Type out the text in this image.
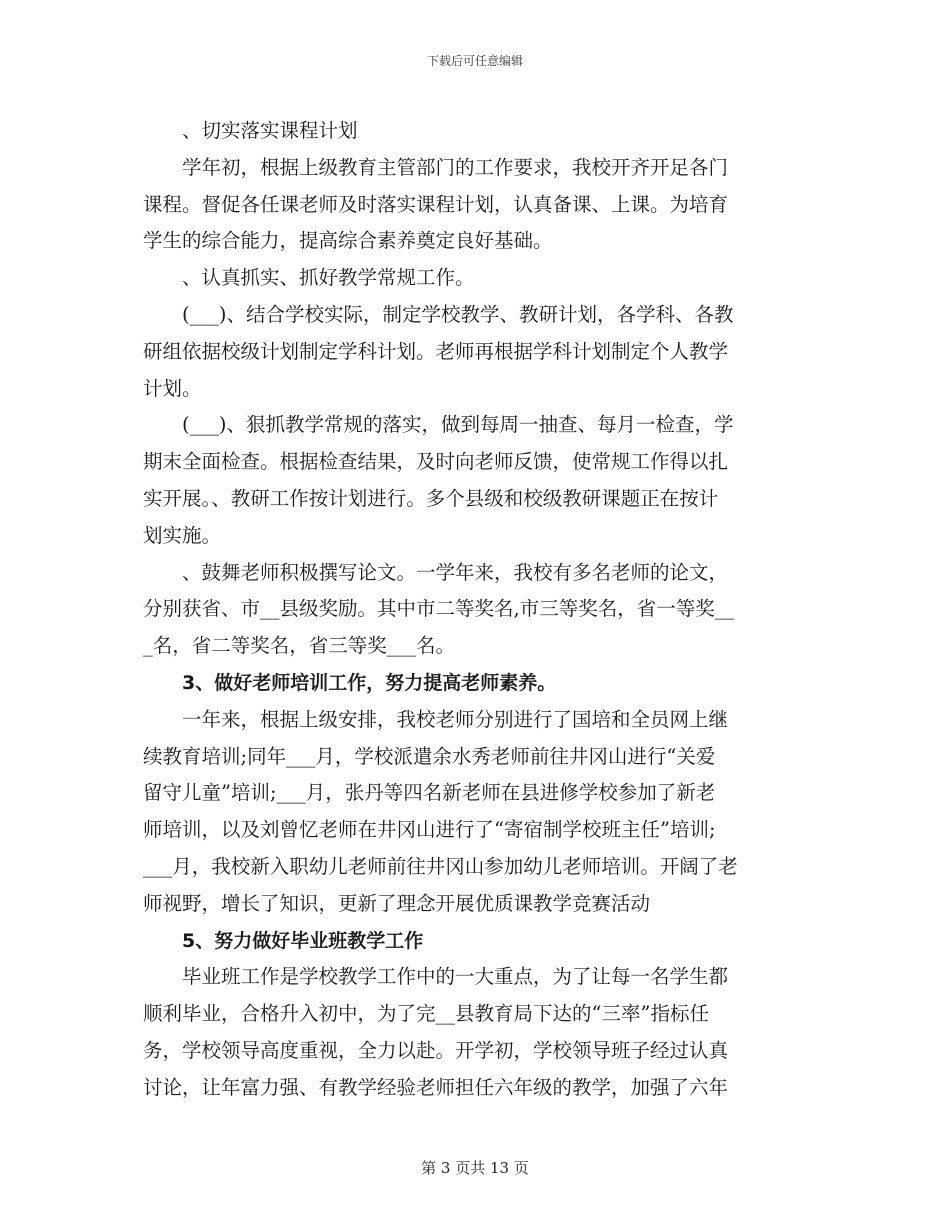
下载后可任意编辑
、切实落实课程计划
学年初，根据上级教育主管部门的工作要求，我校开齐开足各门
课程。督促各任课老师及时落实课程计划，认真备课、上课。为培育
学生的综合能力，提高综合素养奠定良好基础。
、认真抓实、抓好教学常规工作。
(___)、结合学校实际，制定学校教学、教研计划，各学科、各教
研组依据校级计划制定学科计划。老师再根据学科计划制定个人教学
计划。
(___)、狠抓教学常规的落实，做到每周一抽查、每月一检查，学
期末全面检查。根据检查结果，及时向老师反馈，使常规工作得以扎
实开展。、教研工作按计划进行。多个县级和校级教研课题正在按计
划实施。
、鼓舞老师积极撰写论文。一学年来，我校有多名老师的论文，
分别获省、市__县级奖励。其中市二等奖名,市三等奖名，省一等奖__
_名，省二等奖名，省三等奖___名。
3、做好老师培训工作，努力提高老师素养。
一年来，根据上级安排，我校老师分别进行了国培和全员网上继
续教育培训;同年___月，学校派遣余水秀老师前往井冈山进行“关爱
留守儿童”培训;___月，张丹等四名新老师在县进修学校参加了新老
师培训，以及刘曾忆老师在井冈山进行了“寄宿制学校班主任”培训;
___月，我校新入职幼儿老师前往井冈山参加幼儿老师培训。开阔了老
师视野，增长了知识，更新了理念开展优质课教学竞赛活动
5、努力做好毕业班教学工作
毕业班工作是学校教学工作中的一大重点，为了让每一名学生都
顺利毕业，合格升入初中，为了完__县教育局下达的“三率”指标任
务，学校领导高度重视，全力以赴。开学初，学校领导班子经过认真
讨论，让年富力强、有教学经验老师担任六年级的教学，加强了六年
第 3 页共 13 页
